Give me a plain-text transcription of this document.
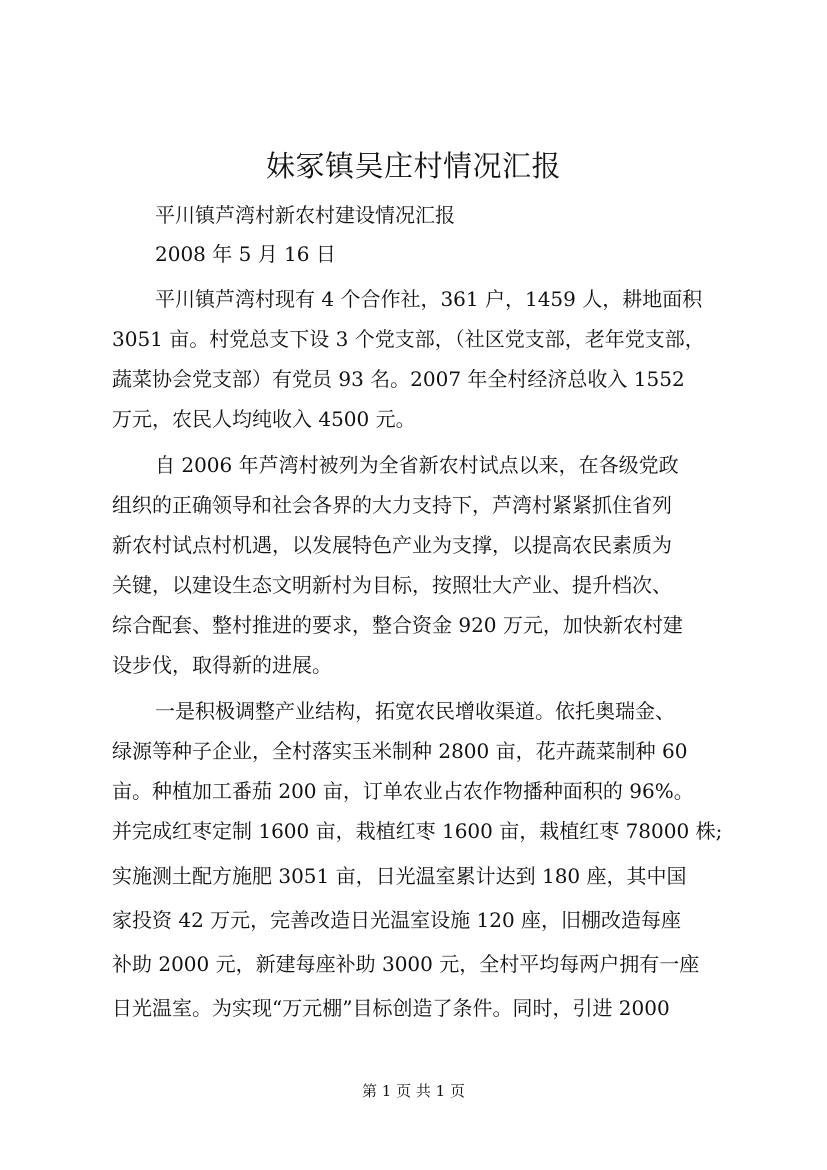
妹冢镇吴庄村情况汇报
平川镇芦湾村新农村建设情况汇报
2008 年 5 月 16 日
平川镇芦湾村现有 4 个合作社，361 户，1459 人，耕地面积
3051 亩。村党总支下设 3 个党支部，（社区党支部，老年党支部，
蔬菜协会党支部）有党员 93 名。2007 年全村经济总收入 1552
万元，农民人均纯收入 4500 元。
自 2006 年芦湾村被列为全省新农村试点以来，在各级党政
组织的正确领导和社会各界的大力支持下，芦湾村紧紧抓住省列
新农村试点村机遇，以发展特色产业为支撑，以提高农民素质为
关键，以建设生态文明新村为目标，按照壮大产业、提升档次、
综合配套、整村推进的要求，整合资金 920 万元，加快新农村建
设步伐，取得新的进展。
一是积极调整产业结构，拓宽农民增收渠道。依托奥瑞金、
绿源等种子企业，全村落实玉米制种 2800 亩，花卉蔬菜制种 60
亩。种植加工番茄 200 亩，订单农业占农作物播种面积的 96%。
并完成红枣定制 1600 亩，栽植红枣 1600 亩，栽植红枣 78000 株;
实施测土配方施肥 3051 亩，日光温室累计达到 180 座，其中国
家投资 42 万元，完善改造日光温室设施 120 座，旧棚改造每座
补助 2000 元，新建每座补助 3000 元，全村平均每两户拥有一座
日光温室。为实现“万元棚”目标创造了条件。同时，引进 2000
第 1 页 共 1 页
